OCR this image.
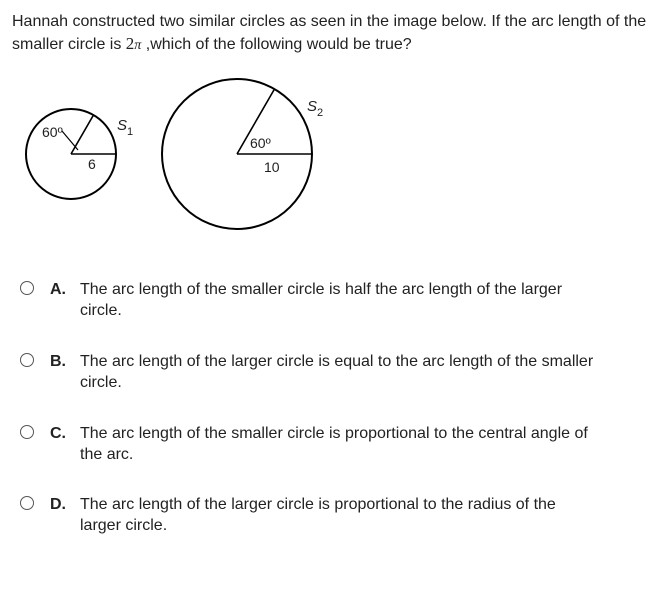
Hannah constructed two similar circles as seen in the image below. If the arc length of the smaller circle is 2π ,which of the following would be true?
60º
6
$S_1$
60º
10
$S_2$
A. The arc length of the smaller circle is half the arc length of the larger
circle.
B. The arc length of the larger circle is equal to the arc length of the smaller
circle.
C. The arc length of the smaller circle is proportional to the central angle of
the arc.
D. The arc length of the larger circle is proportional to the radius of the
larger circle.
